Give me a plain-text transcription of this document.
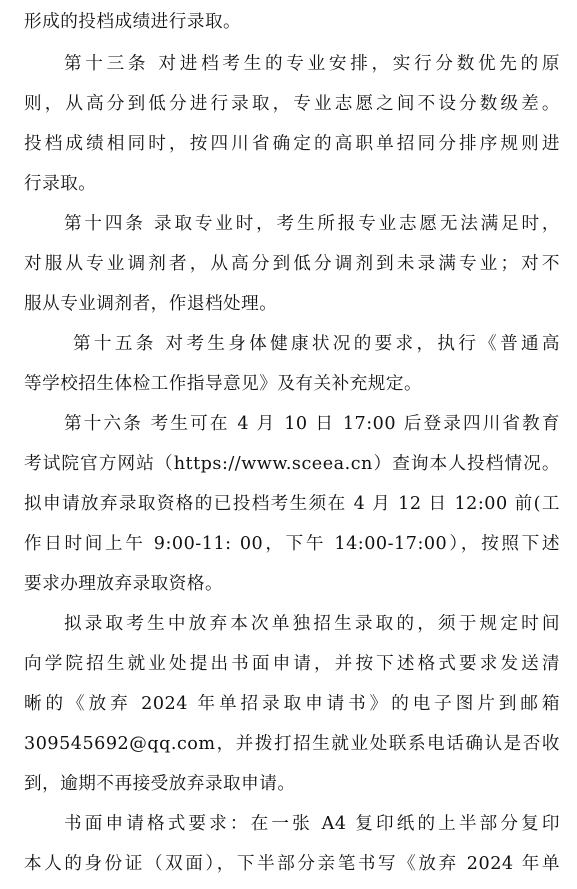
形成的投档成绩进行录取。
第十三条 对进档考生的专业安排，实行分数优先的原
则，从高分到低分进行录取，专业志愿之间不设分数级差。
投档成绩相同时，按四川省确定的高职单招同分排序规则进
行录取。
第十四条 录取专业时，考生所报专业志愿无法满足时，
对服从专业调剂者，从高分到低分调剂到未录满专业；对不
服从专业调剂者，作退档处理。
第十五条 对考生身体健康状况的要求，执行《普通高
等学校招生体检工作指导意见》及有关补充规定。
第十六条 考生可在 4 月 10 日 17:00 后登录四川省教育
考试院官方网站（https://www.sceea.cn）查询本人投档情况。
拟申请放弃录取资格的已投档考生须在 4 月 12 日 12:00 前(工
作日时间上午 9:00-11: 00，下午 14:00-17:00），按照下述
要求办理放弃录取资格。
拟录取考生中放弃本次单独招生录取的，须于规定时间
向学院招生就业处提出书面申请，并按下述格式要求发送清
晰的《放弃 2024 年单招录取申请书》的电子图片到邮箱
309545692@qq.com，并拨打招生就业处联系电话确认是否收
到，逾期不再接受放弃录取申请。
书面申请格式要求：在一张 A4 复印纸的上半部分复印
本人的身份证（双面），下半部分亲笔书写《放弃 2024 年单
